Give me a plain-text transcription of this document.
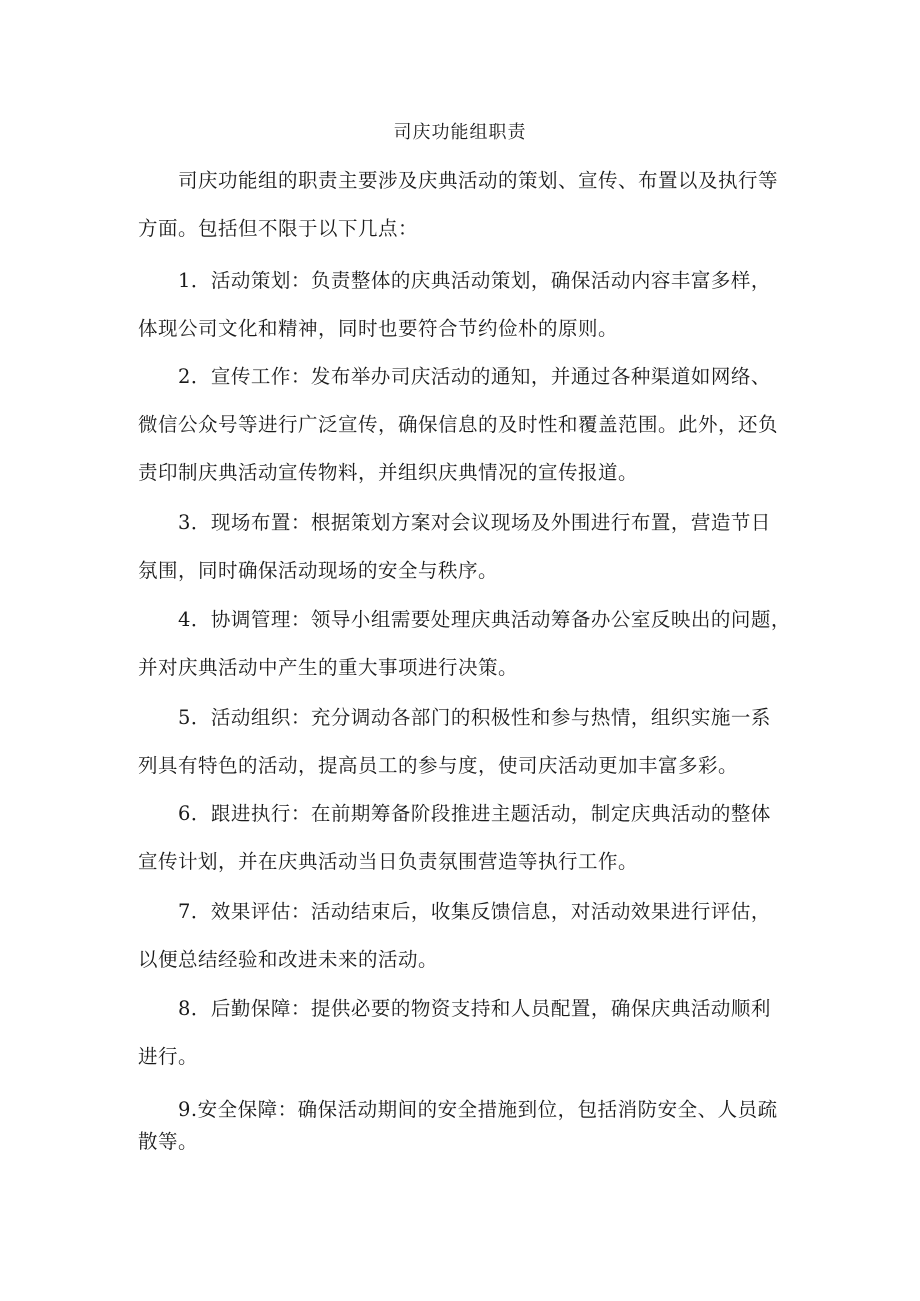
司庆功能组职责
司庆功能组的职责主要涉及庆典活动的策划、宣传、布置以及执行等
方面。包括但不限于以下几点：
1．活动策划：负责整体的庆典活动策划，确保活动内容丰富多样，
体现公司文化和精神，同时也要符合节约俭朴的原则。
2．宣传工作：发布举办司庆活动的通知，并通过各种渠道如网络、
微信公众号等进行广泛宣传，确保信息的及时性和覆盖范围。此外，还负
责印制庆典活动宣传物料，并组织庆典情况的宣传报道。
3．现场布置：根据策划方案对会议现场及外围进行布置，营造节日
氛围，同时确保活动现场的安全与秩序。
4．协调管理：领导小组需要处理庆典活动筹备办公室反映出的问题，
并对庆典活动中产生的重大事项进行决策。
5．活动组织：充分调动各部门的积极性和参与热情，组织实施一系
列具有特色的活动，提高员工的参与度，使司庆活动更加丰富多彩。
6．跟进执行：在前期筹备阶段推进主题活动，制定庆典活动的整体
宣传计划，并在庆典活动当日负责氛围营造等执行工作。
7．效果评估：活动结束后，收集反馈信息，对活动效果进行评估，
以便总结经验和改进未来的活动。
8．后勤保障：提供必要的物资支持和人员配置，确保庆典活动顺利
进行。
9.安全保障：确保活动期间的安全措施到位，包括消防安全、人员疏
散等。
